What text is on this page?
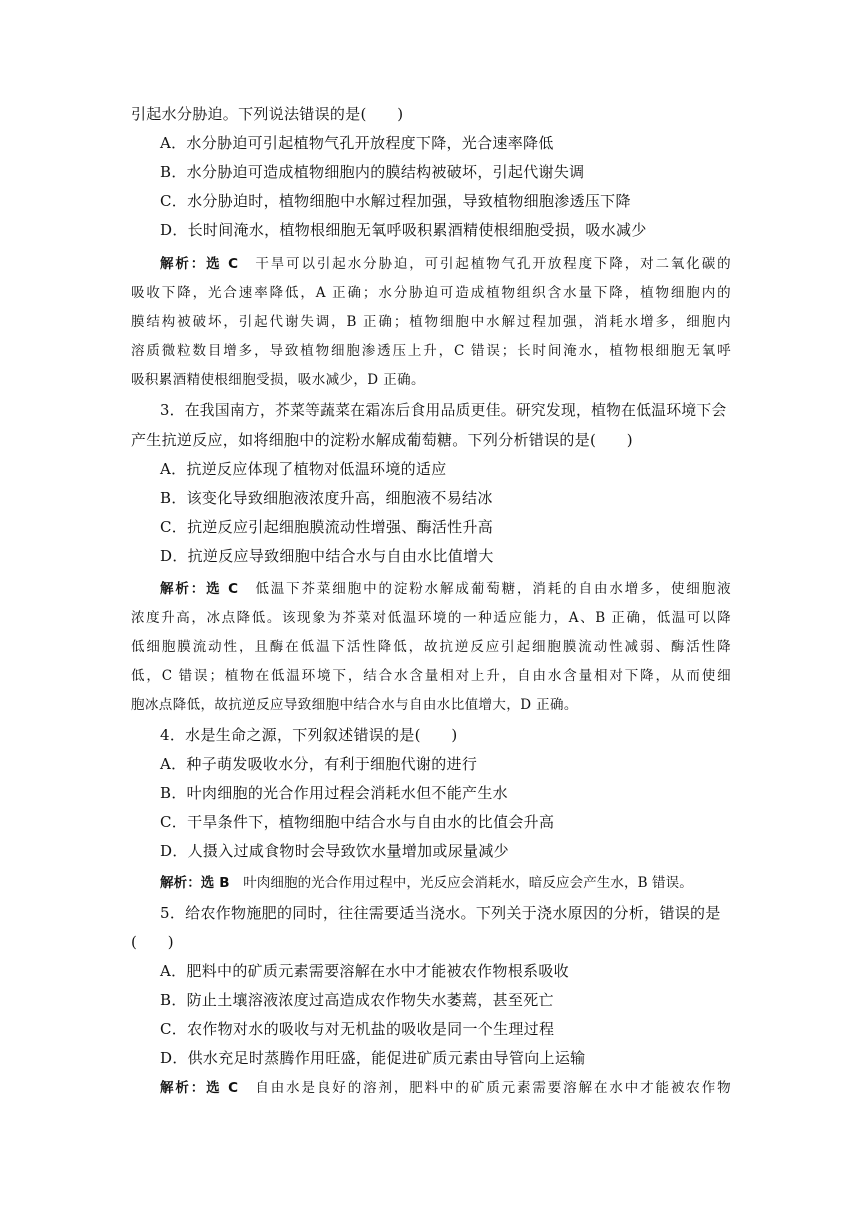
引起水分胁迫。下列说法错误的是(　　)
A．水分胁迫可引起植物气孔开放程度下降，光合速率降低
B．水分胁迫可造成植物细胞内的膜结构被破坏，引起代谢失调
C．水分胁迫时，植物细胞中水解过程加强，导致植物细胞渗透压下降
D．长时间淹水，植物根细胞无氧呼吸积累酒精使根细胞受损，吸水减少
解析：选 C　干旱可以引起水分胁迫，可引起植物气孔开放程度下降，对二氧化碳的
吸收下降，光合速率降低，A 正确；水分胁迫可造成植物组织含水量下降，植物细胞内的
膜结构被破坏，引起代谢失调，B 正确；植物细胞中水解过程加强，消耗水增多，细胞内
溶质微粒数目增多，导致植物细胞渗透压上升，C 错误；长时间淹水，植物根细胞无氧呼
吸积累酒精使根细胞受损，吸水减少，D 正确。
3．在我国南方，芥菜等蔬菜在霜冻后食用品质更佳。研究发现，植物在低温环境下会
产生抗逆反应，如将细胞中的淀粉水解成葡萄糖。下列分析错误的是(　　)
A．抗逆反应体现了植物对低温环境的适应
B．该变化导致细胞液浓度升高，细胞液不易结冰
C．抗逆反应引起细胞膜流动性增强、酶活性升高
D．抗逆反应导致细胞中结合水与自由水比值增大
解析：选 C　低温下芥菜细胞中的淀粉水解成葡萄糖，消耗的自由水增多，使细胞液
浓度升高，冰点降低。该现象为芥菜对低温环境的一种适应能力，A、B 正确，低温可以降
低细胞膜流动性，且酶在低温下活性降低，故抗逆反应引起细胞膜流动性减弱、酶活性降
低，C 错误；植物在低温环境下，结合水含量相对上升，自由水含量相对下降，从而使细
胞冰点降低，故抗逆反应导致细胞中结合水与自由水比值增大，D 正确。
4．水是生命之源，下列叙述错误的是(　　)
A．种子萌发吸收水分，有利于细胞代谢的进行
B．叶肉细胞的光合作用过程会消耗水但不能产生水
C．干旱条件下，植物细胞中结合水与自由水的比值会升高
D．人摄入过咸食物时会导致饮水量增加或尿量减少
解析：选 B　叶肉细胞的光合作用过程中，光反应会消耗水，暗反应会产生水，B 错误。
5．给农作物施肥的同时，往往需要适当浇水。下列关于浇水原因的分析，错误的是
(　　)
A．肥料中的矿质元素需要溶解在水中才能被农作物根系吸收
B．防止土壤溶液浓度过高造成农作物失水萎蔫，甚至死亡
C．农作物对水的吸收与对无机盐的吸收是同一个生理过程
D．供水充足时蒸腾作用旺盛，能促进矿质元素由导管向上运输
解析：选 C　自由水是良好的溶剂，肥料中的矿质元素需要溶解在水中才能被农作物
